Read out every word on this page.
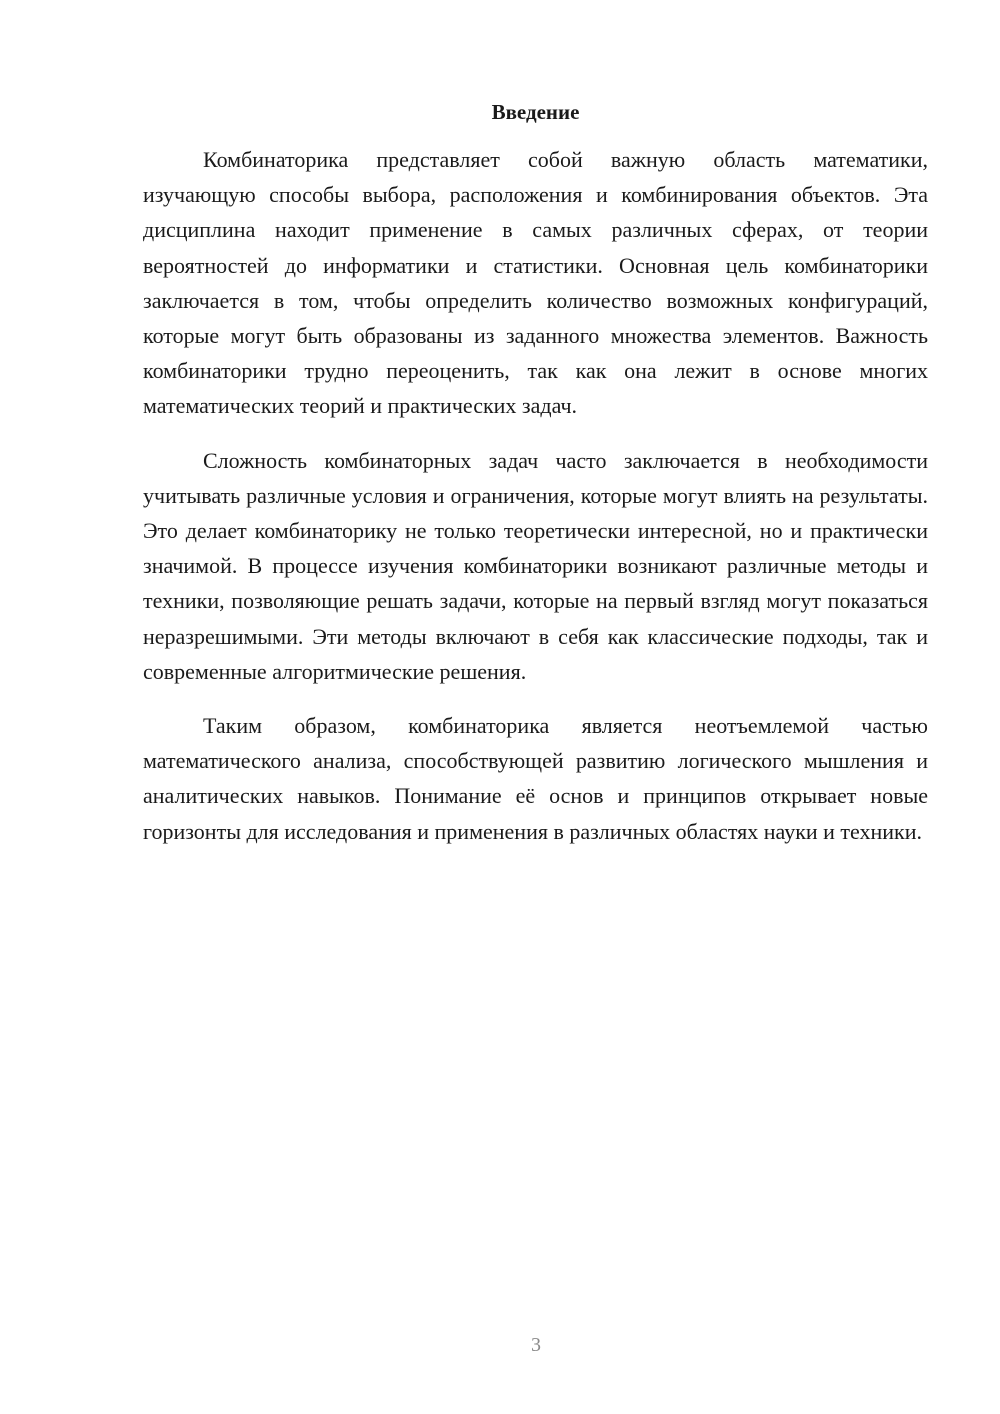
Введение

Комбинаторика представляет собой важную область математики, изучающую способы выбора, расположения и комбинирования объектов. Эта дисциплина находит применение в самых различных сферах, от теории вероятностей до информатики и статистики. Основная цель комбинаторики заключается в том, чтобы определить количество возможных конфигураций, которые могут быть образованы из заданного множества элементов. Важность комбинаторики трудно переоценить, так как она лежит в основе многих математических теорий и практических задач.

Сложность комбинаторных задач часто заключается в необходимости учитывать различные условия и ограничения, которые могут влиять на результаты. Это делает комбинаторику не только теоретически интересной, но и практически значимой. В процессе изучения комбинаторики возникают различные методы и техники, позволяющие решать задачи, которые на первый взгляд могут показаться неразрешимыми. Эти методы включают в себя как классические подходы, так и современные алгоритмические решения.

Таким образом, комбинаторика является неотъемлемой частью математического анализа, способствующей развитию логического мышления и аналитических навыков. Понимание её основ и принципов открывает новые горизонты для исследования и применения в различных областях науки и техники.

3
